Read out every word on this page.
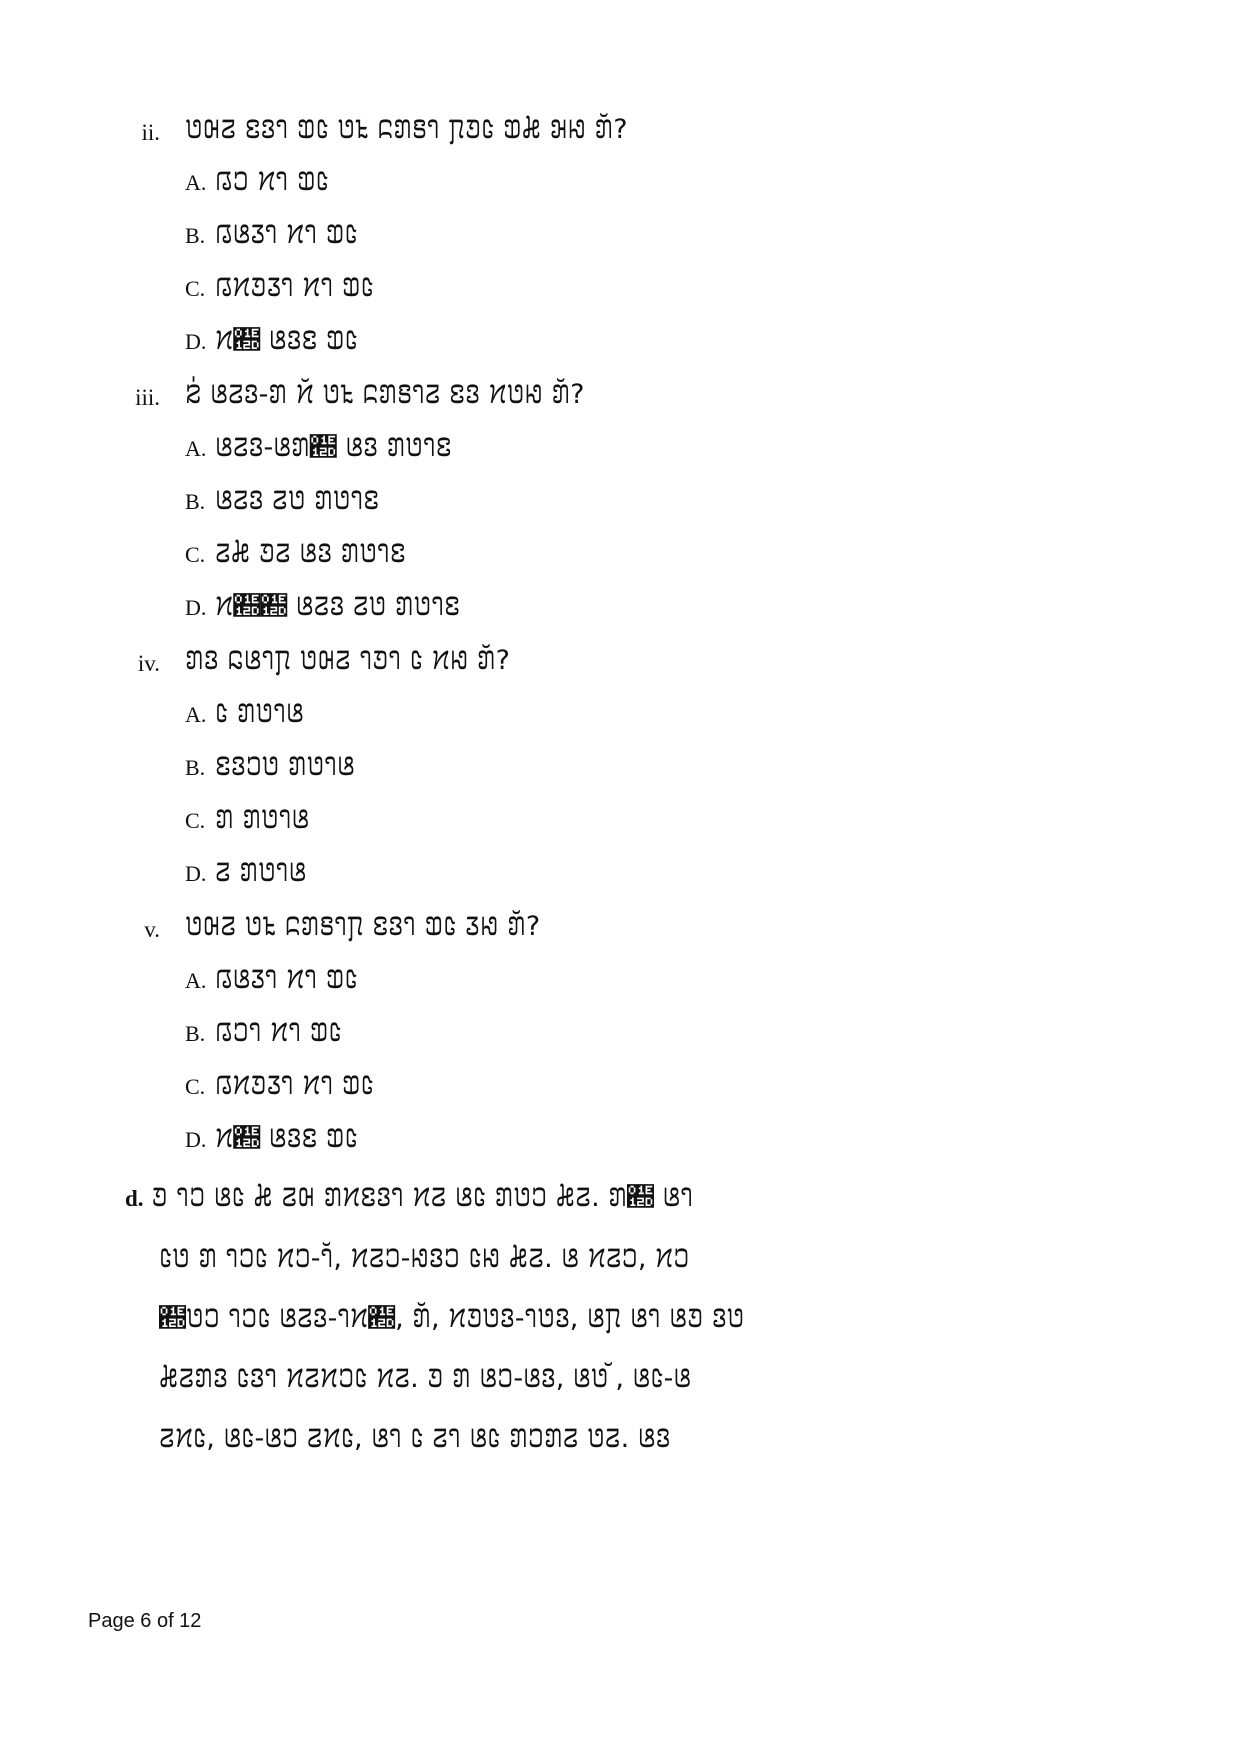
ii. 𞄃𞄨𞄉 𞄑𞄬𞄤 𞄁𞄦 𞄃𞄪 𞄍𞄄𞄩𞄤 𞄗𞄚𞄦 𞄁𞄇 𞄒𞄆 𞄄𞄲?
A. 𞄀𞄎 𞄔𞄤 𞄁𞄦
B. 𞄀𞄘𞄧𞄤 𞄔𞄤 𞄁𞄦
C. 𞄀𞄔𞄚𞄧𞄤 𞄔𞄤 𞄁𞄦
D. 𞄔𞄭 𞄘𞄬𞄑 𞄁𞄦
iii. 𞄕𞄰 𞄘𞄉𞄬-𞄄 𞄔𞄲 𞄃𞄪 𞄍𞄄𞄩𞄤𞄉 𞄑𞄬 𞄔𞄃𞄆 𞄄𞄲?
A. 𞄘𞄉𞄬-𞄘𞄄𞄭 𞄘𞄬 𞄄𞄃𞄤𞄑
B. 𞄘𞄉𞄬 𞄉𞄃 𞄄𞄃𞄤𞄑
C. 𞄉𞄇 𞄚𞄉 𞄘𞄬 𞄄𞄃𞄤𞄑
D. 𞄔𞄭𞄭 𞄘𞄉𞄬 𞄉𞄃 𞄄𞄃𞄤𞄑
iv. 𞄄𞄬 𞄐𞄘𞄤𞄗 𞄃𞄨𞄉 𞄤𞄚𞄤 𞄦 𞄔𞄆 𞄄𞄲?
A. 𞄦 𞄄𞄃𞄤𞄘
B. 𞄑𞄬𞄎𞄃 𞄄𞄃𞄤𞄘
C. 𞄄 𞄄𞄃𞄤𞄘
D. 𞄉 𞄄𞄃𞄤𞄘
v. 𞄃𞄨𞄉 𞄃𞄪 𞄍𞄄𞄩𞄤𞄗 𞄑𞄬𞄤 𞄁𞄦 𞄧𞄆 𞄄𞄲?
A. 𞄀𞄘𞄧𞄤 𞄔𞄤 𞄁𞄦
B. 𞄀𞄎𞄤 𞄔𞄤 𞄁𞄦
C. 𞄀𞄔𞄚𞄧𞄤 𞄔𞄤 𞄁𞄦
D. 𞄔𞄭 𞄘𞄬𞄑 𞄁𞄦
d. 𞄚 𞄤𞄎 𞄘𞄦 𞄇 𞄉𞄨 𞄄𞄔𞄑𞄬𞄤 𞄔𞄉 𞄘𞄦 𞄄𞄃𞄎 𞄇𞄉. 𞄄𞄭 𞄘𞄤
𞄦𞄃 𞄄 𞄤𞄎𞄦 𞄔𞄎-𞄤𞄲, 𞄔𞄉𞄎-𞄆𞄬𞄎 𞄦𞄆 𞄇𞄉. 𞄘 𞄔𞄉𞄎, 𞄔𞄎
𞄭𞄃𞄎 𞄤𞄎𞄦 𞄘𞄉𞄬-𞄤𞄔𞄭, 𞄄𞄲, 𞄔𞄚𞄃𞄬-𞄤𞄃𞄬, 𞄘𞄗 𞄘𞄤 𞄘𞄚 𞄬𞄃
𞄇𞄉𞄄𞄬 𞄦𞄬𞄤 𞄔𞄉𞄔𞄎𞄦 𞄔𞄉. 𞄚 𞄄 𞄘𞄎-𞄘𞄬, 𞄘𞄃 𞄲, 𞄘𞄦-𞄘
𞄉𞄔𞄦, 𞄘𞄦-𞄘𞄎 𞄉𞄔𞄦, 𞄘𞄤 𞄦 𞄉𞄤 𞄘𞄦 𞄄𞄎𞄄𞄉 𞄃𞄉. 𞄘𞄬
Page 6 of 12
